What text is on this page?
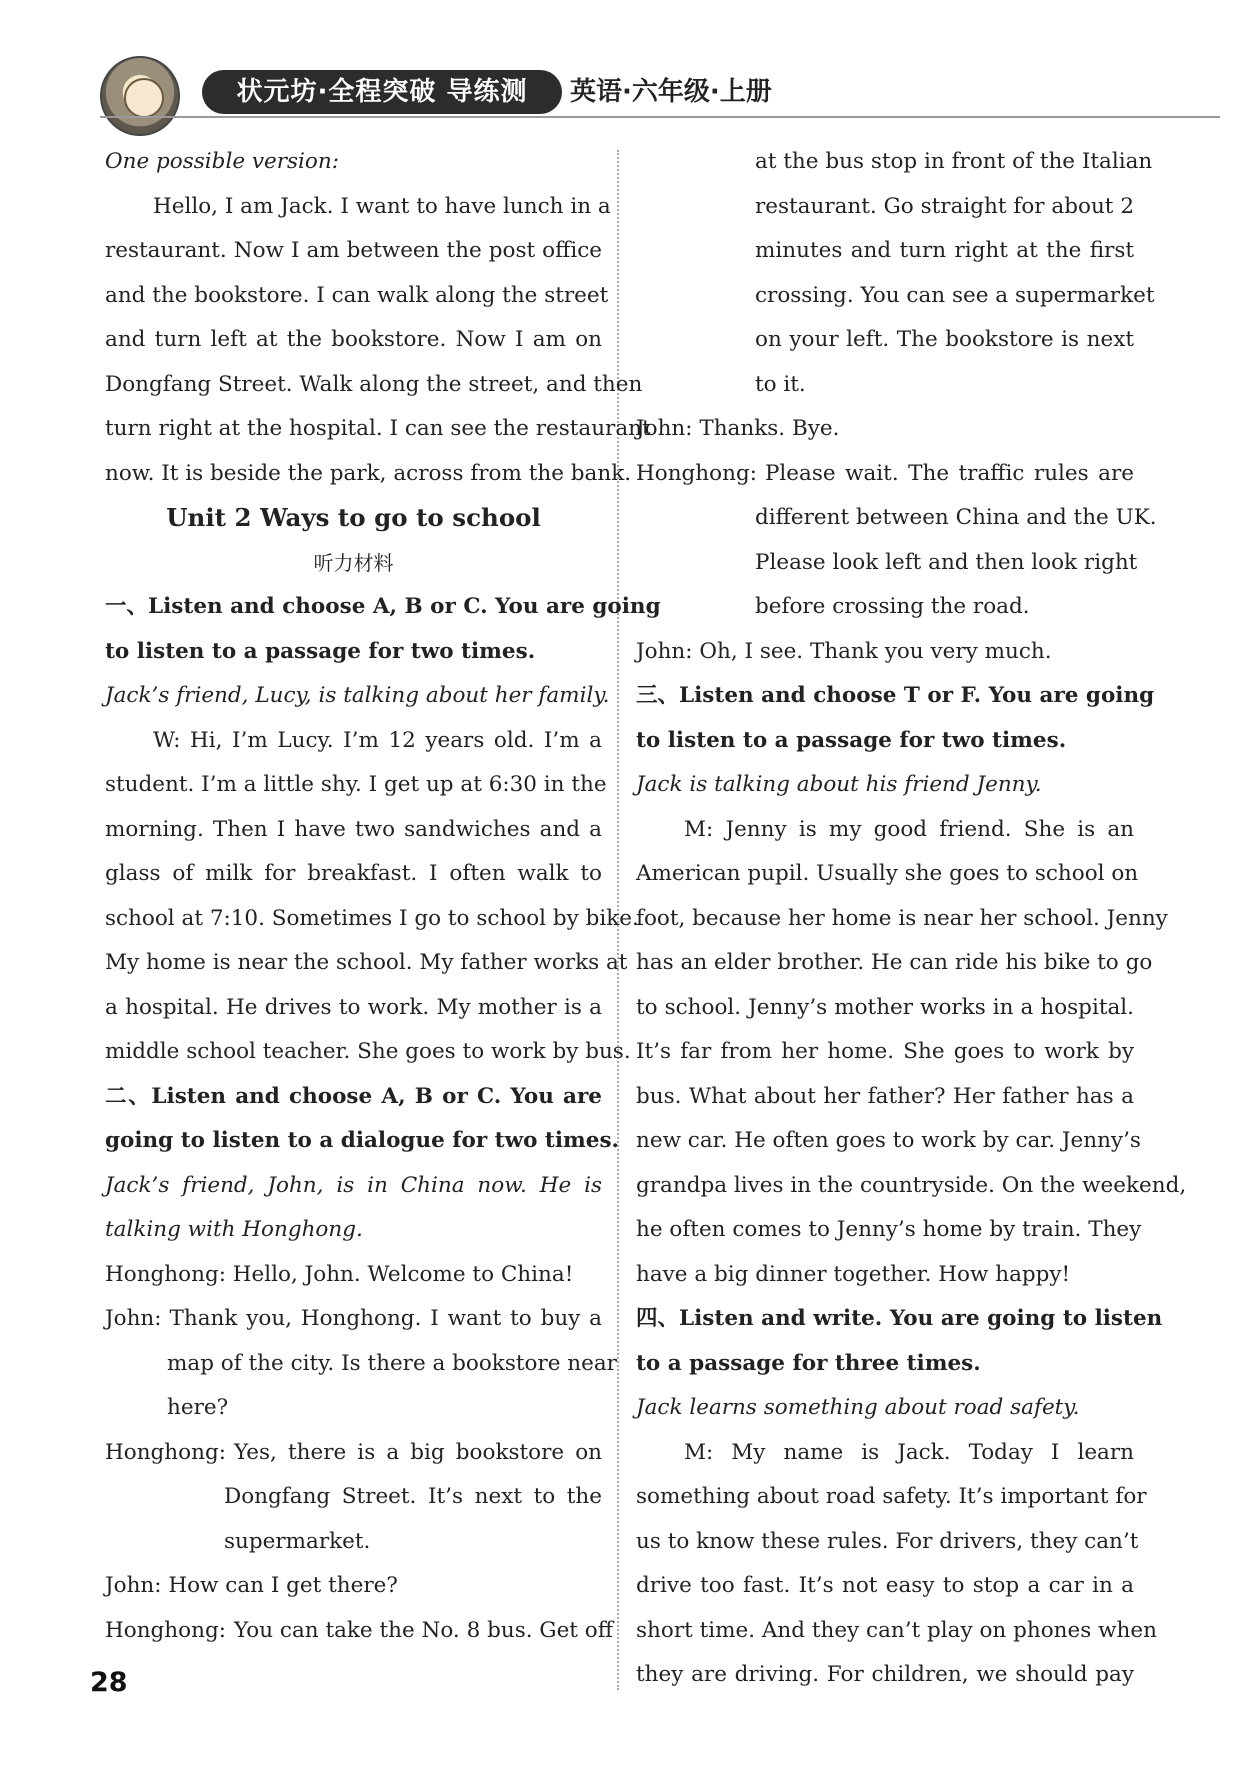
状元坊·全程突破 导练测	英语·六年级·上册
One possible version:
Hello, I am Jack. I want to have lunch in a
restaurant. Now I am between the post office
and the bookstore. I can walk along the street
and turn left at the bookstore. Now I am on
Dongfang Street. Walk along the street, and then
turn right at the hospital. I can see the restaurant
now. It is beside the park, across from the bank.
Unit 2 Ways to go to school
听力材料
一、Listen and choose A, B or C. You are going
to listen to a passage for two times.
Jack’s friend, Lucy, is talking about her family.
W: Hi, I’m Lucy. I’m 12 years old. I’m a
student. I’m a little shy. I get up at 6:30 in the
morning. Then I have two sandwiches and a
glass of milk for breakfast. I often walk to
school at 7:10. Sometimes I go to school by bike.
My home is near the school. My father works at
a hospital. He drives to work. My mother is a
middle school teacher. She goes to work by bus.
二、Listen and choose A, B or C. You are
going to listen to a dialogue for two times.
Jack’s friend, John, is in China now. He is
talking with Honghong.
Honghong: Hello, John. Welcome to China!
John: Thank you, Honghong. I want to buy a
map of the city. Is there a bookstore near
here?
Honghong: Yes, there is a big bookstore on
Dongfang Street. It’s next to the
supermarket.
John: How can I get there?
Honghong: You can take the No. 8 bus. Get off
at the bus stop in front of the Italian
restaurant. Go straight for about 2
minutes and turn right at the first
crossing. You can see a supermarket
on your left. The bookstore is next
to it.
John: Thanks. Bye.
Honghong: Please wait. The traffic rules are
different between China and the UK.
Please look left and then look right
before crossing the road.
John: Oh, I see. Thank you very much.
三、Listen and choose T or F. You are going
to listen to a passage for two times.
Jack is talking about his friend Jenny.
M: Jenny is my good friend. She is an
American pupil. Usually she goes to school on
foot, because her home is near her school. Jenny
has an elder brother. He can ride his bike to go
to school. Jenny’s mother works in a hospital.
It’s far from her home. She goes to work by
bus. What about her father? Her father has a
new car. He often goes to work by car. Jenny’s
grandpa lives in the countryside. On the weekend,
he often comes to Jenny’s home by train. They
have a big dinner together. How happy!
四、Listen and write. You are going to listen
to a passage for three times.
Jack learns something about road safety.
M: My name is Jack. Today I learn
something about road safety. It’s important for
us to know these rules. For drivers, they can’t
drive too fast. It’s not easy to stop a car in a
short time. And they can’t play on phones when
they are driving. For children, we should pay
28
